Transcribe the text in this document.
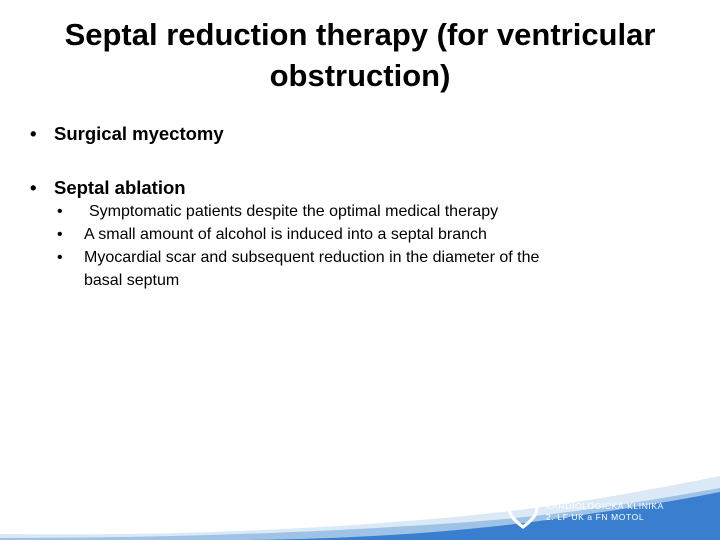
Septal reduction therapy (for ventricular obstruction)
• Surgical myectomy
• Septal ablation
• Symptomatic patients despite the optimal medical therapy
• A small amount of alcohol is induced into a septal branch
• Myocardial scar and subsequent reduction in the diameter of the basal septum
KARDIOLOGICKÁ KLINIKA
2. LF UK a FN MOTOL
